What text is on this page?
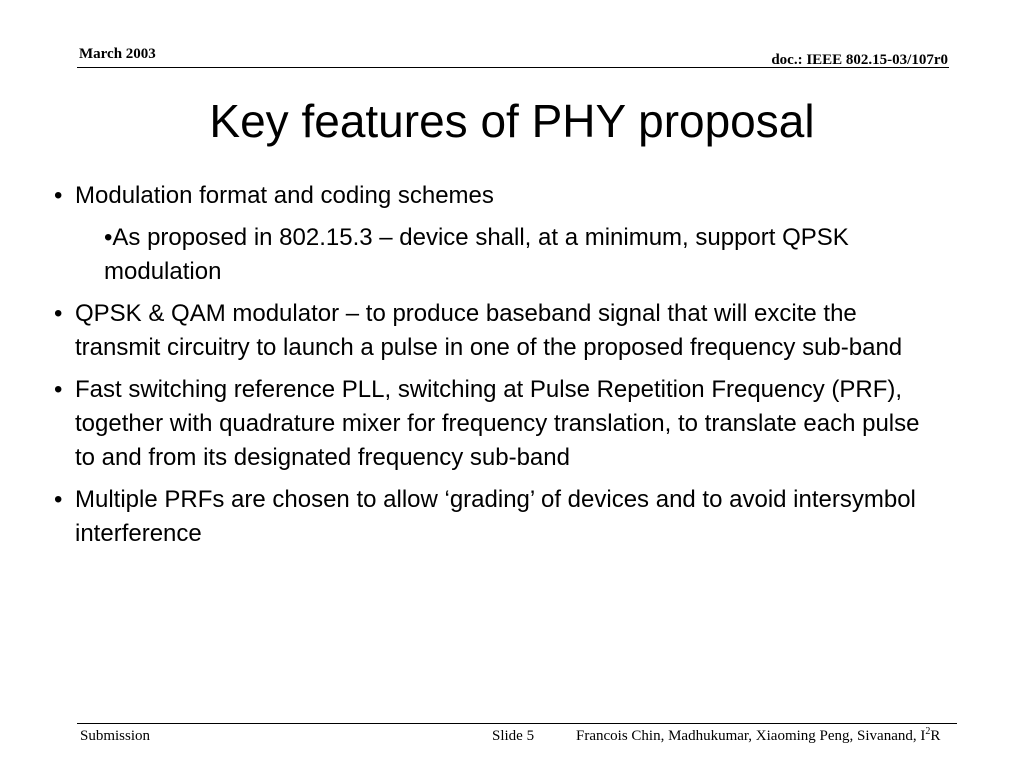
March 2003	doc.: IEEE 802.15-03/107r0
Key features of PHY proposal
• Modulation format and coding schemes
•As proposed in 802.15.3 – device shall, at a minimum, support QPSK modulation
• QPSK & QAM modulator – to produce baseband signal that will excite the transmit circuitry to launch a pulse in one of the proposed frequency sub-band
• Fast switching reference PLL, switching at Pulse Repetition Frequency (PRF), together with quadrature mixer for frequency translation, to translate each pulse to and from its designated frequency sub-band
• Multiple PRFs are chosen to allow ‘grading’ of devices and to avoid intersymbol interference
Submission	Slide 5	Francois Chin, Madhukumar, Xiaoming Peng, Sivanand, $I^2R$
